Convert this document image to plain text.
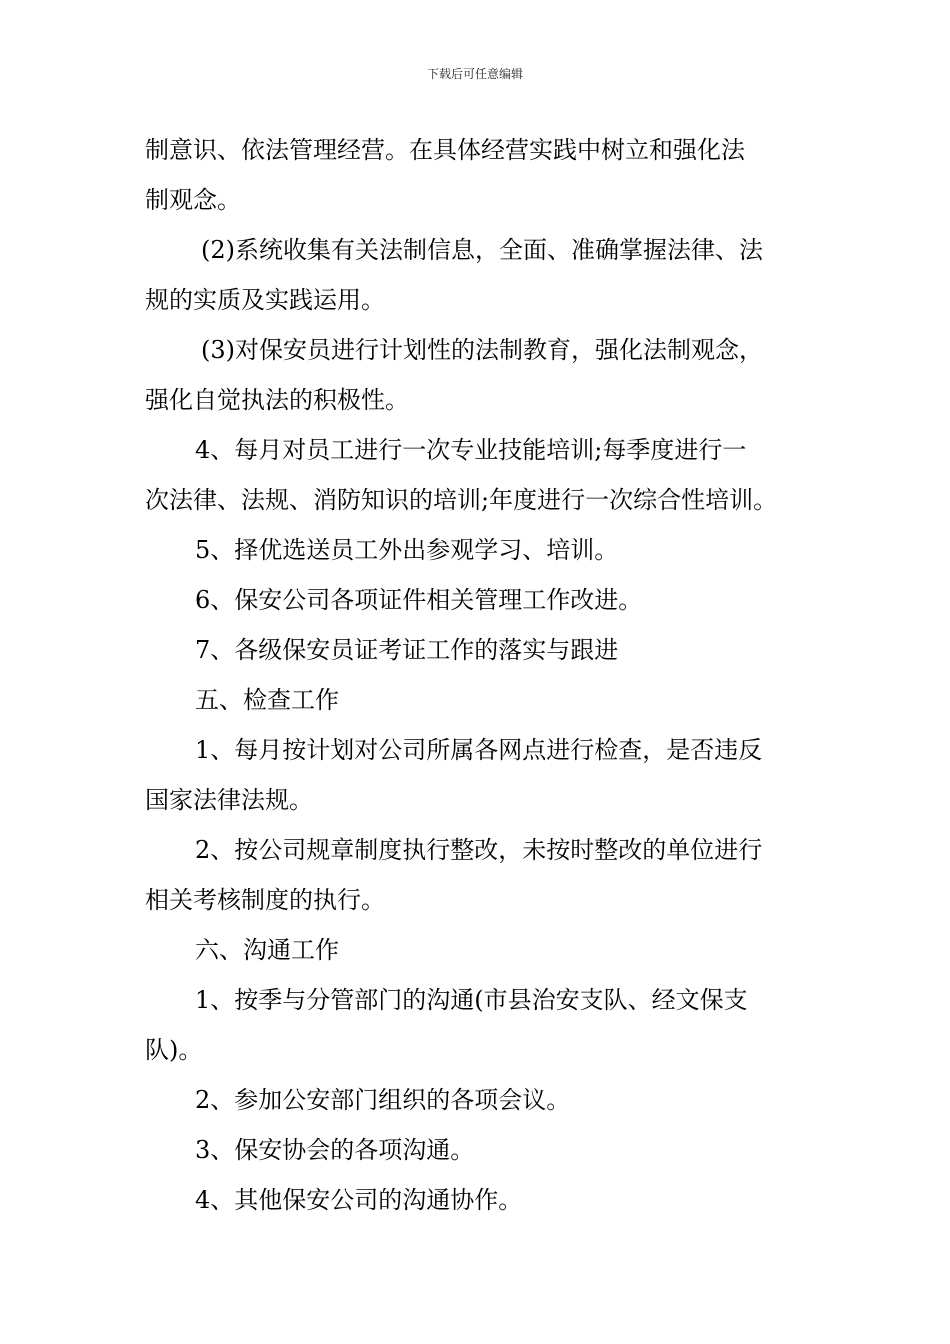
下载后可任意编辑

制意识、依法管理经营。在具体经营实践中树立和强化法

制观念。

(2)系统收集有关法制信息，全面、准确掌握法律、法

规的实质及实践运用。

(3)对保安员进行计划性的法制教育，强化法制观念，

强化自觉执法的积极性。

4、每月对员工进行一次专业技能培训;每季度进行一

次法律、法规、消防知识的培训;年度进行一次综合性培训。

5、择优选送员工外出参观学习、培训。

6、保安公司各项证件相关管理工作改进。

7、各级保安员证考证工作的落实与跟进

五、检查工作

1、每月按计划对公司所属各网点进行检查，是否违反

国家法律法规。

2、按公司规章制度执行整改，未按时整改的单位进行

相关考核制度的执行。

六、沟通工作

1、按季与分管部门的沟通(市县治安支队、经文保支

队)。

2、参加公安部门组织的各项会议。

3、保安协会的各项沟通。

4、其他保安公司的沟通协作。
